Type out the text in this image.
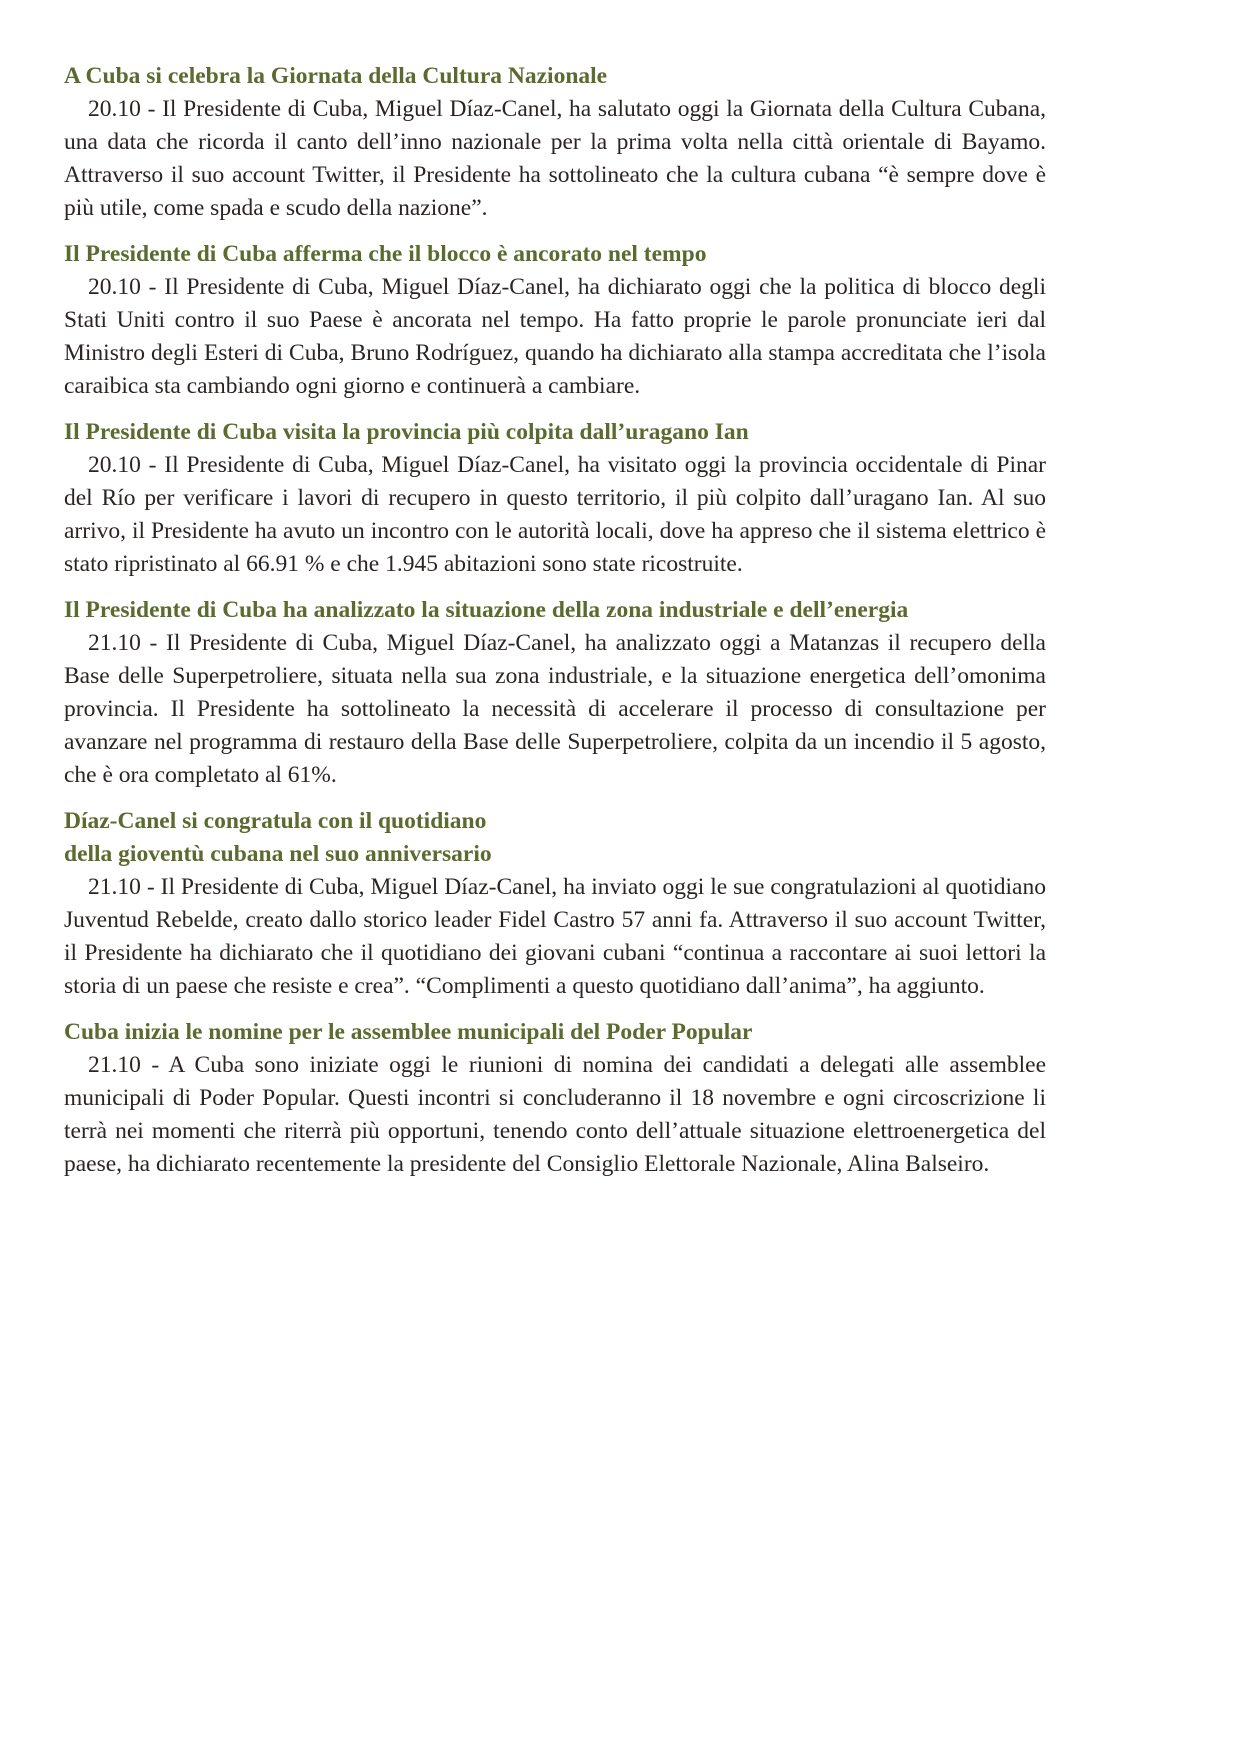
A Cuba si celebra la Giornata della Cultura Nazionale

20.10 - Il Presidente di Cuba, Miguel Díaz-Canel, ha salutato oggi la Giornata della Cultura Cubana, una data che ricorda il canto dell’inno nazionale per la prima volta nella città orientale di Bayamo. Attraverso il suo account Twitter, il Presidente ha sottolineato che la cultura cubana “è sempre dove è più utile, come spada e scudo della nazione”.

Il Presidente di Cuba afferma che il blocco è ancorato nel tempo

20.10 - Il Presidente di Cuba, Miguel Díaz-Canel, ha dichiarato oggi che la politica di blocco degli Stati Uniti contro il suo Paese è ancorata nel tempo. Ha fatto proprie le parole pronunciate ieri dal Ministro degli Esteri di Cuba, Bruno Rodríguez, quando ha dichiarato alla stampa accreditata che l’isola caraibica sta cambiando ogni giorno e continuerà a cambiare.

Il Presidente di Cuba visita la provincia più colpita dall’uragano Ian

20.10 - Il Presidente di Cuba, Miguel Díaz-Canel, ha visitato oggi la provincia occidentale di Pinar del Río per verificare i lavori di recupero in questo territorio, il più colpito dall’uragano Ian. Al suo arrivo, il Presidente ha avuto un incontro con le autorità locali, dove ha appreso che il sistema elettrico è stato ripristinato al 66.91 % e che 1.945 abitazioni sono state ricostruite.

Il Presidente di Cuba ha analizzato la situazione della zona industriale e dell’energia

21.10 - Il Presidente di Cuba, Miguel Díaz-Canel, ha analizzato oggi a Matanzas il recupero della Base delle Superpetroliere, situata nella sua zona industriale, e la situazione energetica dell’omonima provincia. Il Presidente ha sottolineato la necessità di accelerare il processo di consultazione per avanzare nel programma di restauro della Base delle Superpetroliere, colpita da un incendio il 5 agosto, che è ora completato al 61%.

Díaz-Canel si congratula con il quotidiano
della gioventù cubana nel suo anniversario

21.10 - Il Presidente di Cuba, Miguel Díaz-Canel, ha inviato oggi le sue congratulazioni al quotidiano Juventud Rebelde, creato dallo storico leader Fidel Castro 57 anni fa. Attraverso il suo account Twitter, il Presidente ha dichiarato che il quotidiano dei giovani cubani “continua a raccontare ai suoi lettori la storia di un paese che resiste e crea”. “Complimenti a questo quotidiano dall’anima”, ha aggiunto.

Cuba inizia le nomine per le assemblee municipali del Poder Popular

21.10 - A Cuba sono iniziate oggi le riunioni di nomina dei candidati a delegati alle assemblee municipali di Poder Popular. Questi incontri si concluderanno il 18 novembre e ogni circoscrizione li terrà nei momenti che riterrà più opportuni, tenendo conto dell’attuale situazione elettroenergetica del paese, ha dichiarato recentemente la presidente del Consiglio Elettorale Nazionale, Alina Balseiro.
